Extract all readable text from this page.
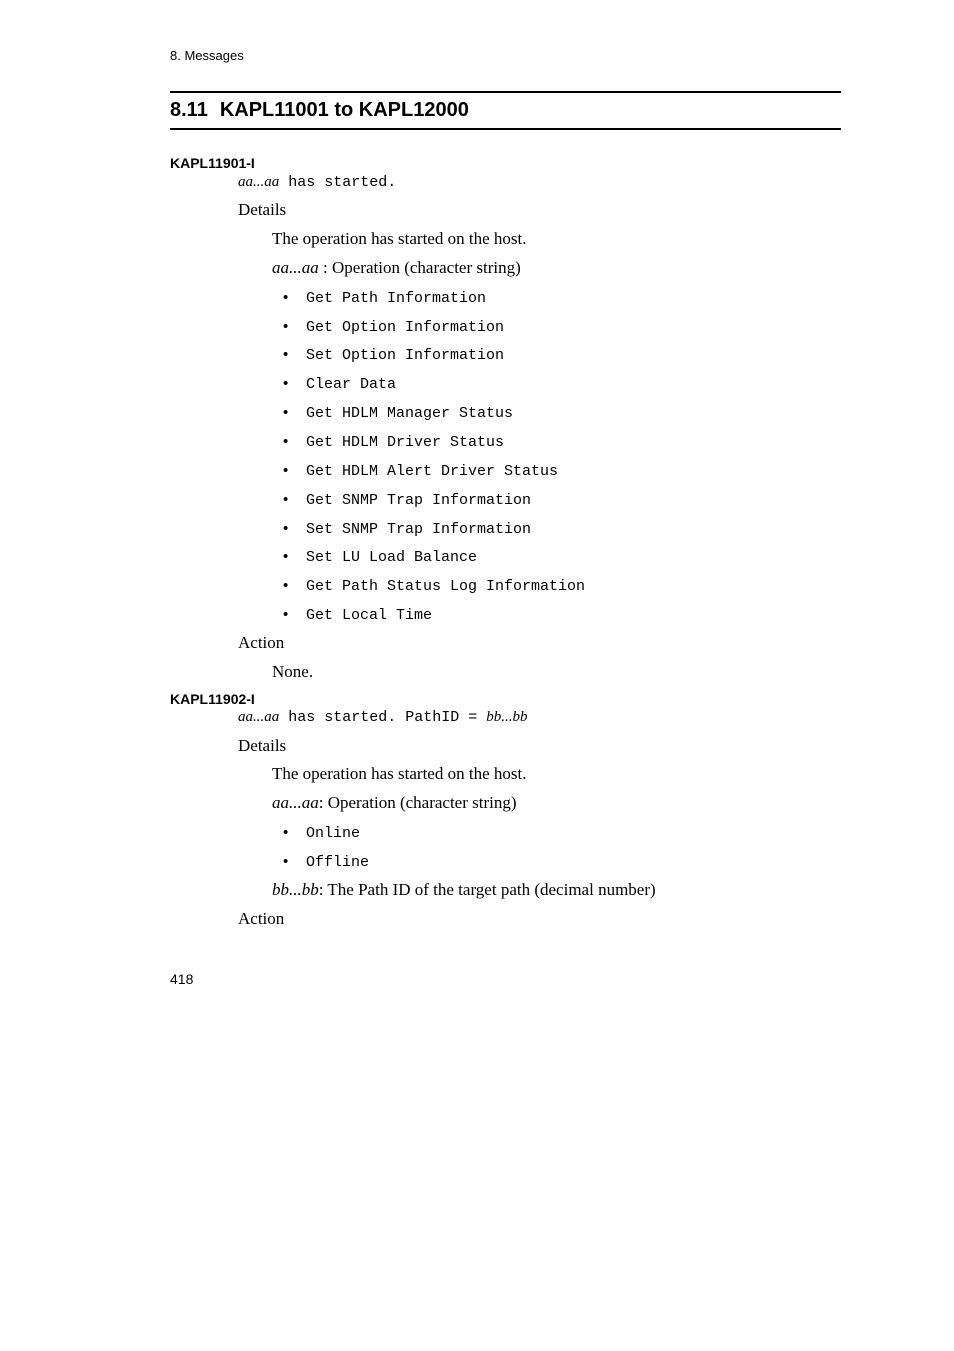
8. Messages
8.11 KAPL11001 to KAPL12000
KAPL11901-I
aa...aa has started.
Details
The operation has started on the host.
aa...aa : Operation (character string)
• Get Path Information
• Get Option Information
• Set Option Information
• Clear Data
• Get HDLM Manager Status
• Get HDLM Driver Status
• Get HDLM Alert Driver Status
• Get SNMP Trap Information
• Set SNMP Trap Information
• Set LU Load Balance
• Get Path Status Log Information
• Get Local Time
Action
None.
KAPL11902-I
aa...aa has started. PathID = bb...bb
Details
The operation has started on the host.
aa...aa: Operation (character string)
• Online
• Offline
bb...bb: The Path ID of the target path (decimal number)
Action
418
